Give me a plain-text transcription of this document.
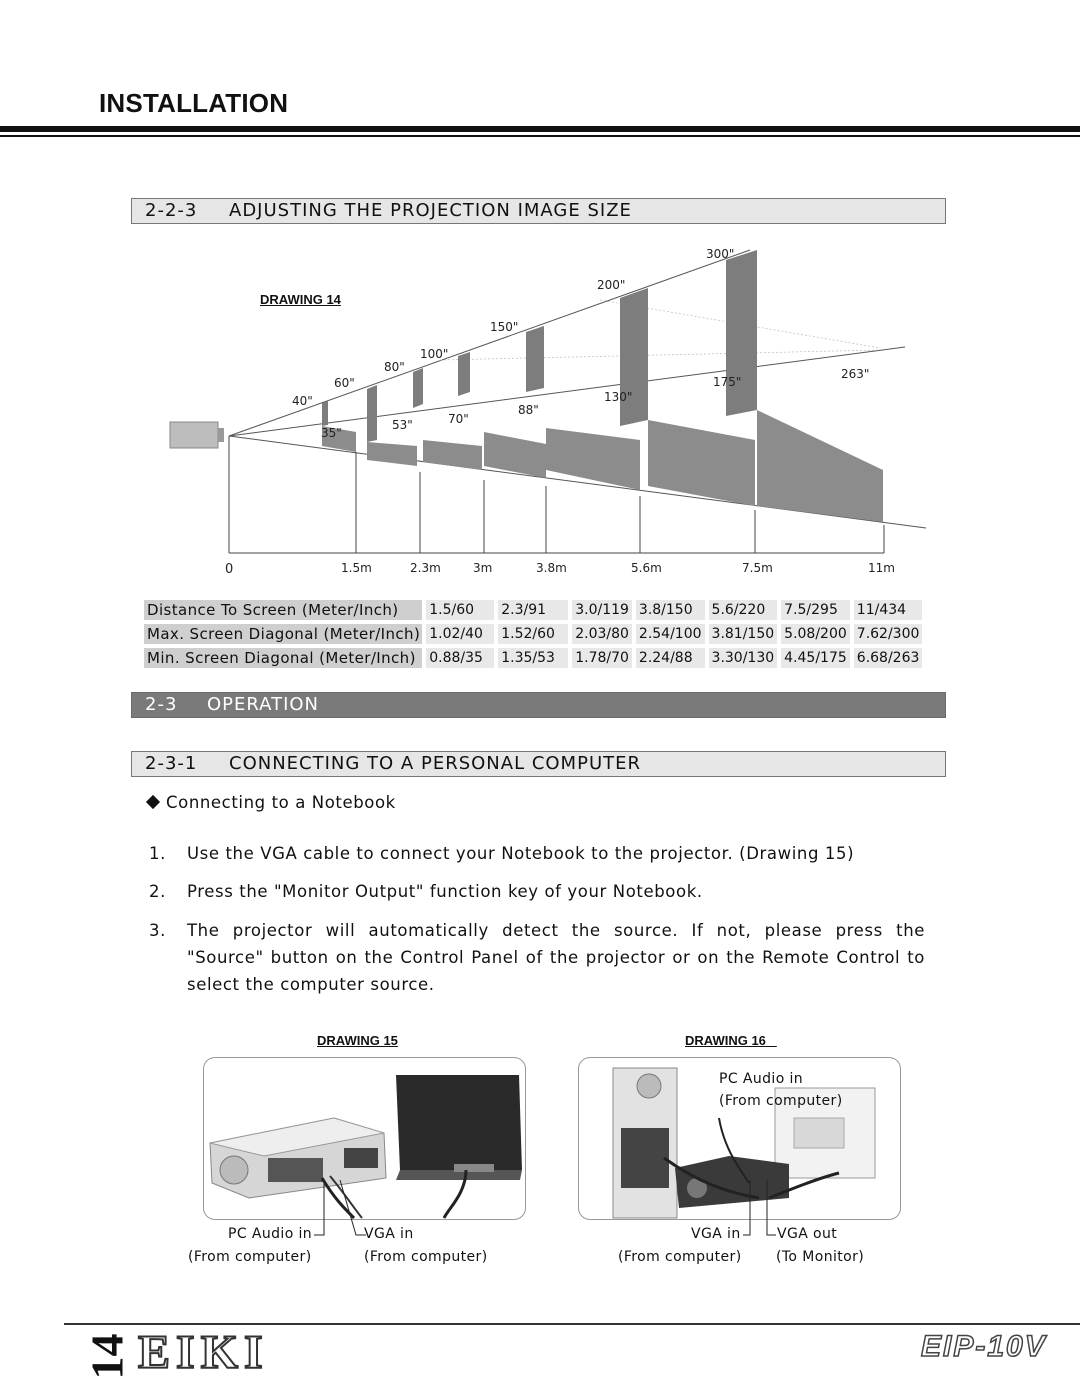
INSTALLATION
2-2-3 ADJUSTING THE PROJECTION IMAGE SIZE
DRAWING 14
40"
60"
80"
100"
150"
200"
300"
35"
53"	70"
88"
130"
175"
263"
0	1.5m	2.3m	3m	3.8m	5.6m	7.5m	11m
Distance To Screen (Meter/Inch)	1.5/60	2.3/91	3.0/119	3.8/150	5.6/220	7.5/295	11/434
Max. Screen Diagonal (Meter/Inch)	1.02/40	1.52/60	2.03/80	2.54/100	3.81/150	5.08/200	7.62/300
Min. Screen Diagonal (Meter/Inch)	0.88/35	1.35/53	1.78/70	2.24/88	3.30/130	4.45/175	6.68/263
2-3 OPERATION
2-3-1 CONNECTING TO A PERSONAL COMPUTER
Connecting to a Notebook
1. Use the VGA cable to connect your Notebook to the projector. (Drawing 15)
2. Press the "Monitor Output" function key of your Notebook.
3. The projector will automatically detect the source. If not, please press the "Source" button on the Control Panel of the projector or on the Remote Control to select the computer source.
DRAWING 15
PC Audio in
(From computer)
VGA in
(From computer)
DRAWING 16
PC Audio in
(From computer)
VGA in
(From computer)
VGA out
(To Monitor)
14 EIKI	EIP-10V
